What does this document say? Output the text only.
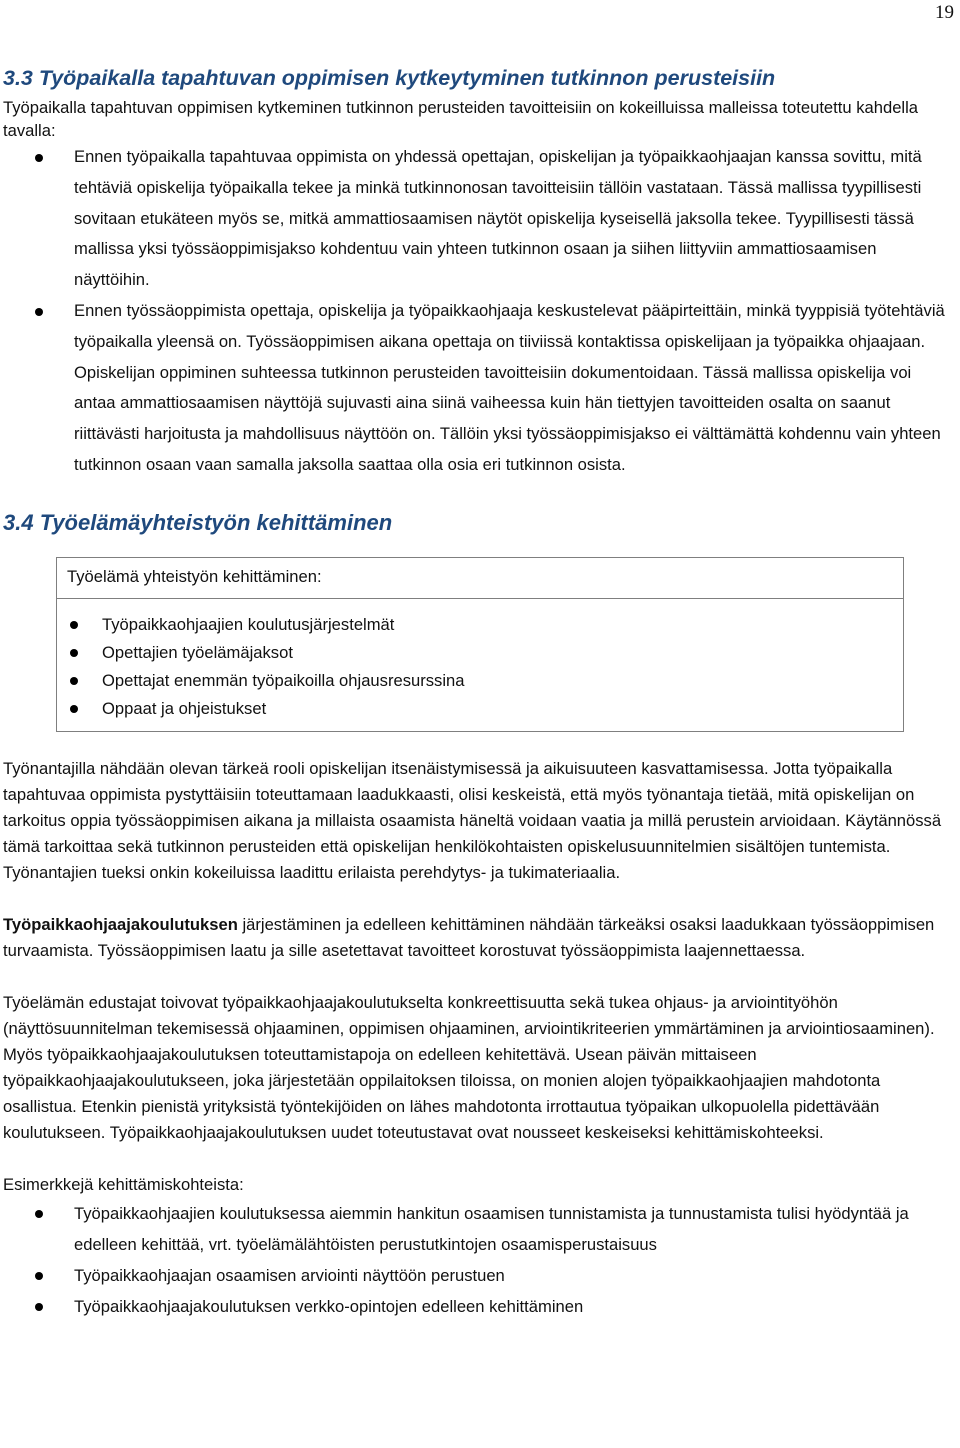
19
3.3 Työpaikalla tapahtuvan oppimisen kytkeytyminen tutkinnon perusteisiin

Työpaikalla tapahtuvan oppimisen kytkeminen tutkinnon perusteiden tavoitteisiin on kokeilluissa malleissa toteutettu kahdella tavalla:

Ennen työpaikalla tapahtuvaa oppimista on yhdessä opettajan, opiskelijan ja työpaikkaohjaajan kanssa sovittu, mitä tehtäviä opiskelija työpaikalla tekee ja minkä tutkinnonosan tavoitteisiin tällöin vastataan. Tässä mallissa tyypillisesti sovitaan etukäteen myös se, mitkä ammattiosaamisen näytöt opiskelija kyseisellä jaksolla tekee. Tyypillisesti tässä mallissa yksi työssäoppimisjakso kohdentuu vain yhteen tutkinnon osaan ja siihen liittyviin ammattiosaamisen näyttöihin.
Ennen työssäoppimista opettaja, opiskelija ja työpaikkaohjaaja keskustelevat pääpirteittäin, minkä tyyppisiä työtehtäviä työpaikalla yleensä on. Työssäoppimisen aikana opettaja on tiiviissä kontaktissa opiskelijaan ja työpaikka ohjaajaan. Opiskelijan oppiminen suhteessa tutkinnon perusteiden tavoitteisiin dokumentoidaan. Tässä mallissa opiskelija voi antaa ammattiosaamisen näyttöjä sujuvasti aina siinä vaiheessa kuin hän tiettyjen tavoitteiden osalta on saanut riittävästi harjoitusta ja mahdollisuus näyttöön on. Tällöin yksi työssäoppimisjakso ei välttämättä kohdennu vain yhteen tutkinnon osaan vaan samalla jaksolla saattaa olla osia eri tutkinnon osista.
3.4 Työelämäyhteistyön kehittäminen
Työelämä yhteistyön kehittäminen:
Työpaikkaohjaajien koulutusjärjestelmät
Opettajien työelämäjaksot
Opettajat enemmän työpaikoilla ohjausresurssina
Oppaat ja ohjeistukset

Työnantajilla nähdään olevan tärkeä rooli opiskelijan itsenäistymisessä ja aikuisuuteen kasvattamisessa. Jotta työpaikalla tapahtuvaa oppimista pystyttäisiin toteuttamaan laadukkaasti, olisi keskeistä, että myös työnantaja tietää, mitä opiskelijan on tarkoitus oppia työssäoppimisen aikana ja millaista osaamista häneltä voidaan vaatia ja millä perustein arvioidaan. Käytännössä tämä tarkoittaa sekä tutkinnon perusteiden että opiskelijan henkilökohtaisten opiskelusuunnitelmien sisältöjen tuntemista. Työnantajien tueksi onkin kokeiluissa laadittu erilaista perehdytys- ja tukimateriaalia.

Työpaikkaohjaajakoulutuksen järjestäminen ja edelleen kehittäminen nähdään tärkeäksi osaksi laadukkaan työssäoppimisen turvaamista. Työssäoppimisen laatu ja sille asetettavat tavoitteet korostuvat työssäoppimista laajennettaessa.

Työelämän edustajat toivovat työpaikkaohjaajakoulutukselta konkreettisuutta sekä tukea ohjaus- ja arviointityöhön (näyttösuunnitelman tekemisessä ohjaaminen, oppimisen ohjaaminen, arviointikriteerien ymmärtäminen ja arviointiosaaminen). Myös työpaikkaohjaajakoulutuksen toteuttamistapoja on edelleen kehitettävä. Usean päivän mittaiseen työpaikkaohjaajakoulutukseen, joka järjestetään oppilaitoksen tiloissa, on monien alojen työpaikkaohjaajien mahdotonta osallistua. Etenkin pienistä yrityksistä työntekijöiden on lähes mahdotonta irrottautua työpaikan ulkopuolella pidettävään koulutukseen. Työpaikkaohjaajakoulutuksen uudet toteutustavat ovat nousseet keskeiseksi kehittämiskohteeksi.

Esimerkkejä kehittämiskohteista:

Työpaikkaohjaajien koulutuksessa aiemmin hankitun osaamisen tunnistamista ja tunnustamista tulisi hyödyntää ja edelleen kehittää, vrt. työelämälähtöisten perustutkintojen osaamisperustaisuus
Työpaikkaohjaajan osaamisen arviointi näyttöön perustuen
Työpaikkaohjaajakoulutuksen verkko-opintojen edelleen kehittäminen
